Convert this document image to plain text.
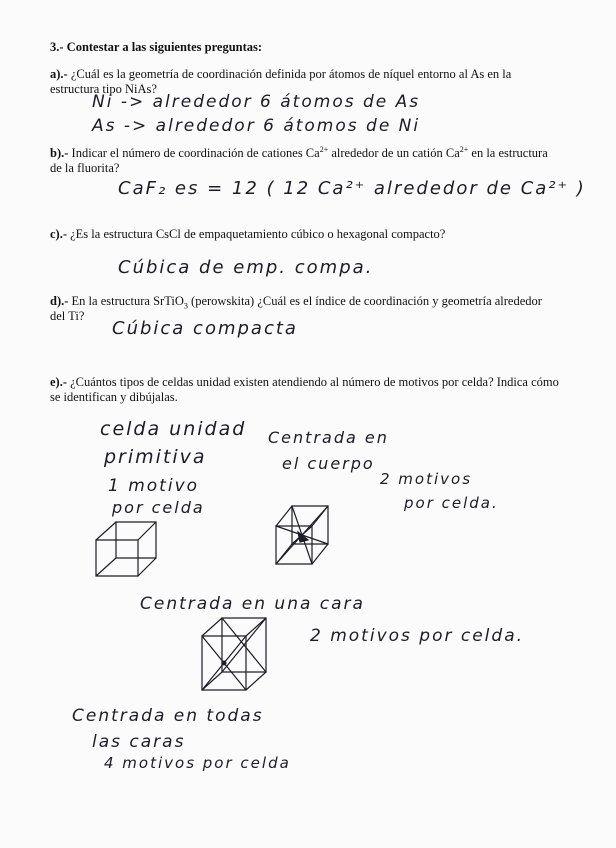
3.- Contestar a las siguientes preguntas:
a).- ¿Cuál es la geometría de coordinación definida por átomos de níquel entorno al As en la estructura tipo NiAs?
Ni -> alrededor 6 átomos de As
As -> alrededor 6 átomos de Ni
b).- Indicar el número de coordinación de cationes $Ca^{2+}$ alrededor de un catión $Ca^{2+}$ en la estructura de la fluorita?
CaF₂ es = 12 ( 12 Ca²⁺ alrededor de Ca²⁺ )
c).- ¿Es la estructura CsCl de empaquetamiento cúbico o hexagonal compacto?
Cúbica de emp. compa.
d).- En la estructura SrTiO$_3$ (perowskita) ¿Cuál es el índice de coordinación y geometría alrededor del Ti?
Cúbica compacta
e).- ¿Cuántos tipos de celdas unidad existen atendiendo al número de motivos por celda? Indica cómo se identifican y dibújalas.
celda unidad
primitiva
1 motivo
por celda
Centrada en
el cuerpo
2 motivos
por celda.
Centrada en una cara
2 motivos por celda.
Centrada en todas
las caras
4 motivos por celda
